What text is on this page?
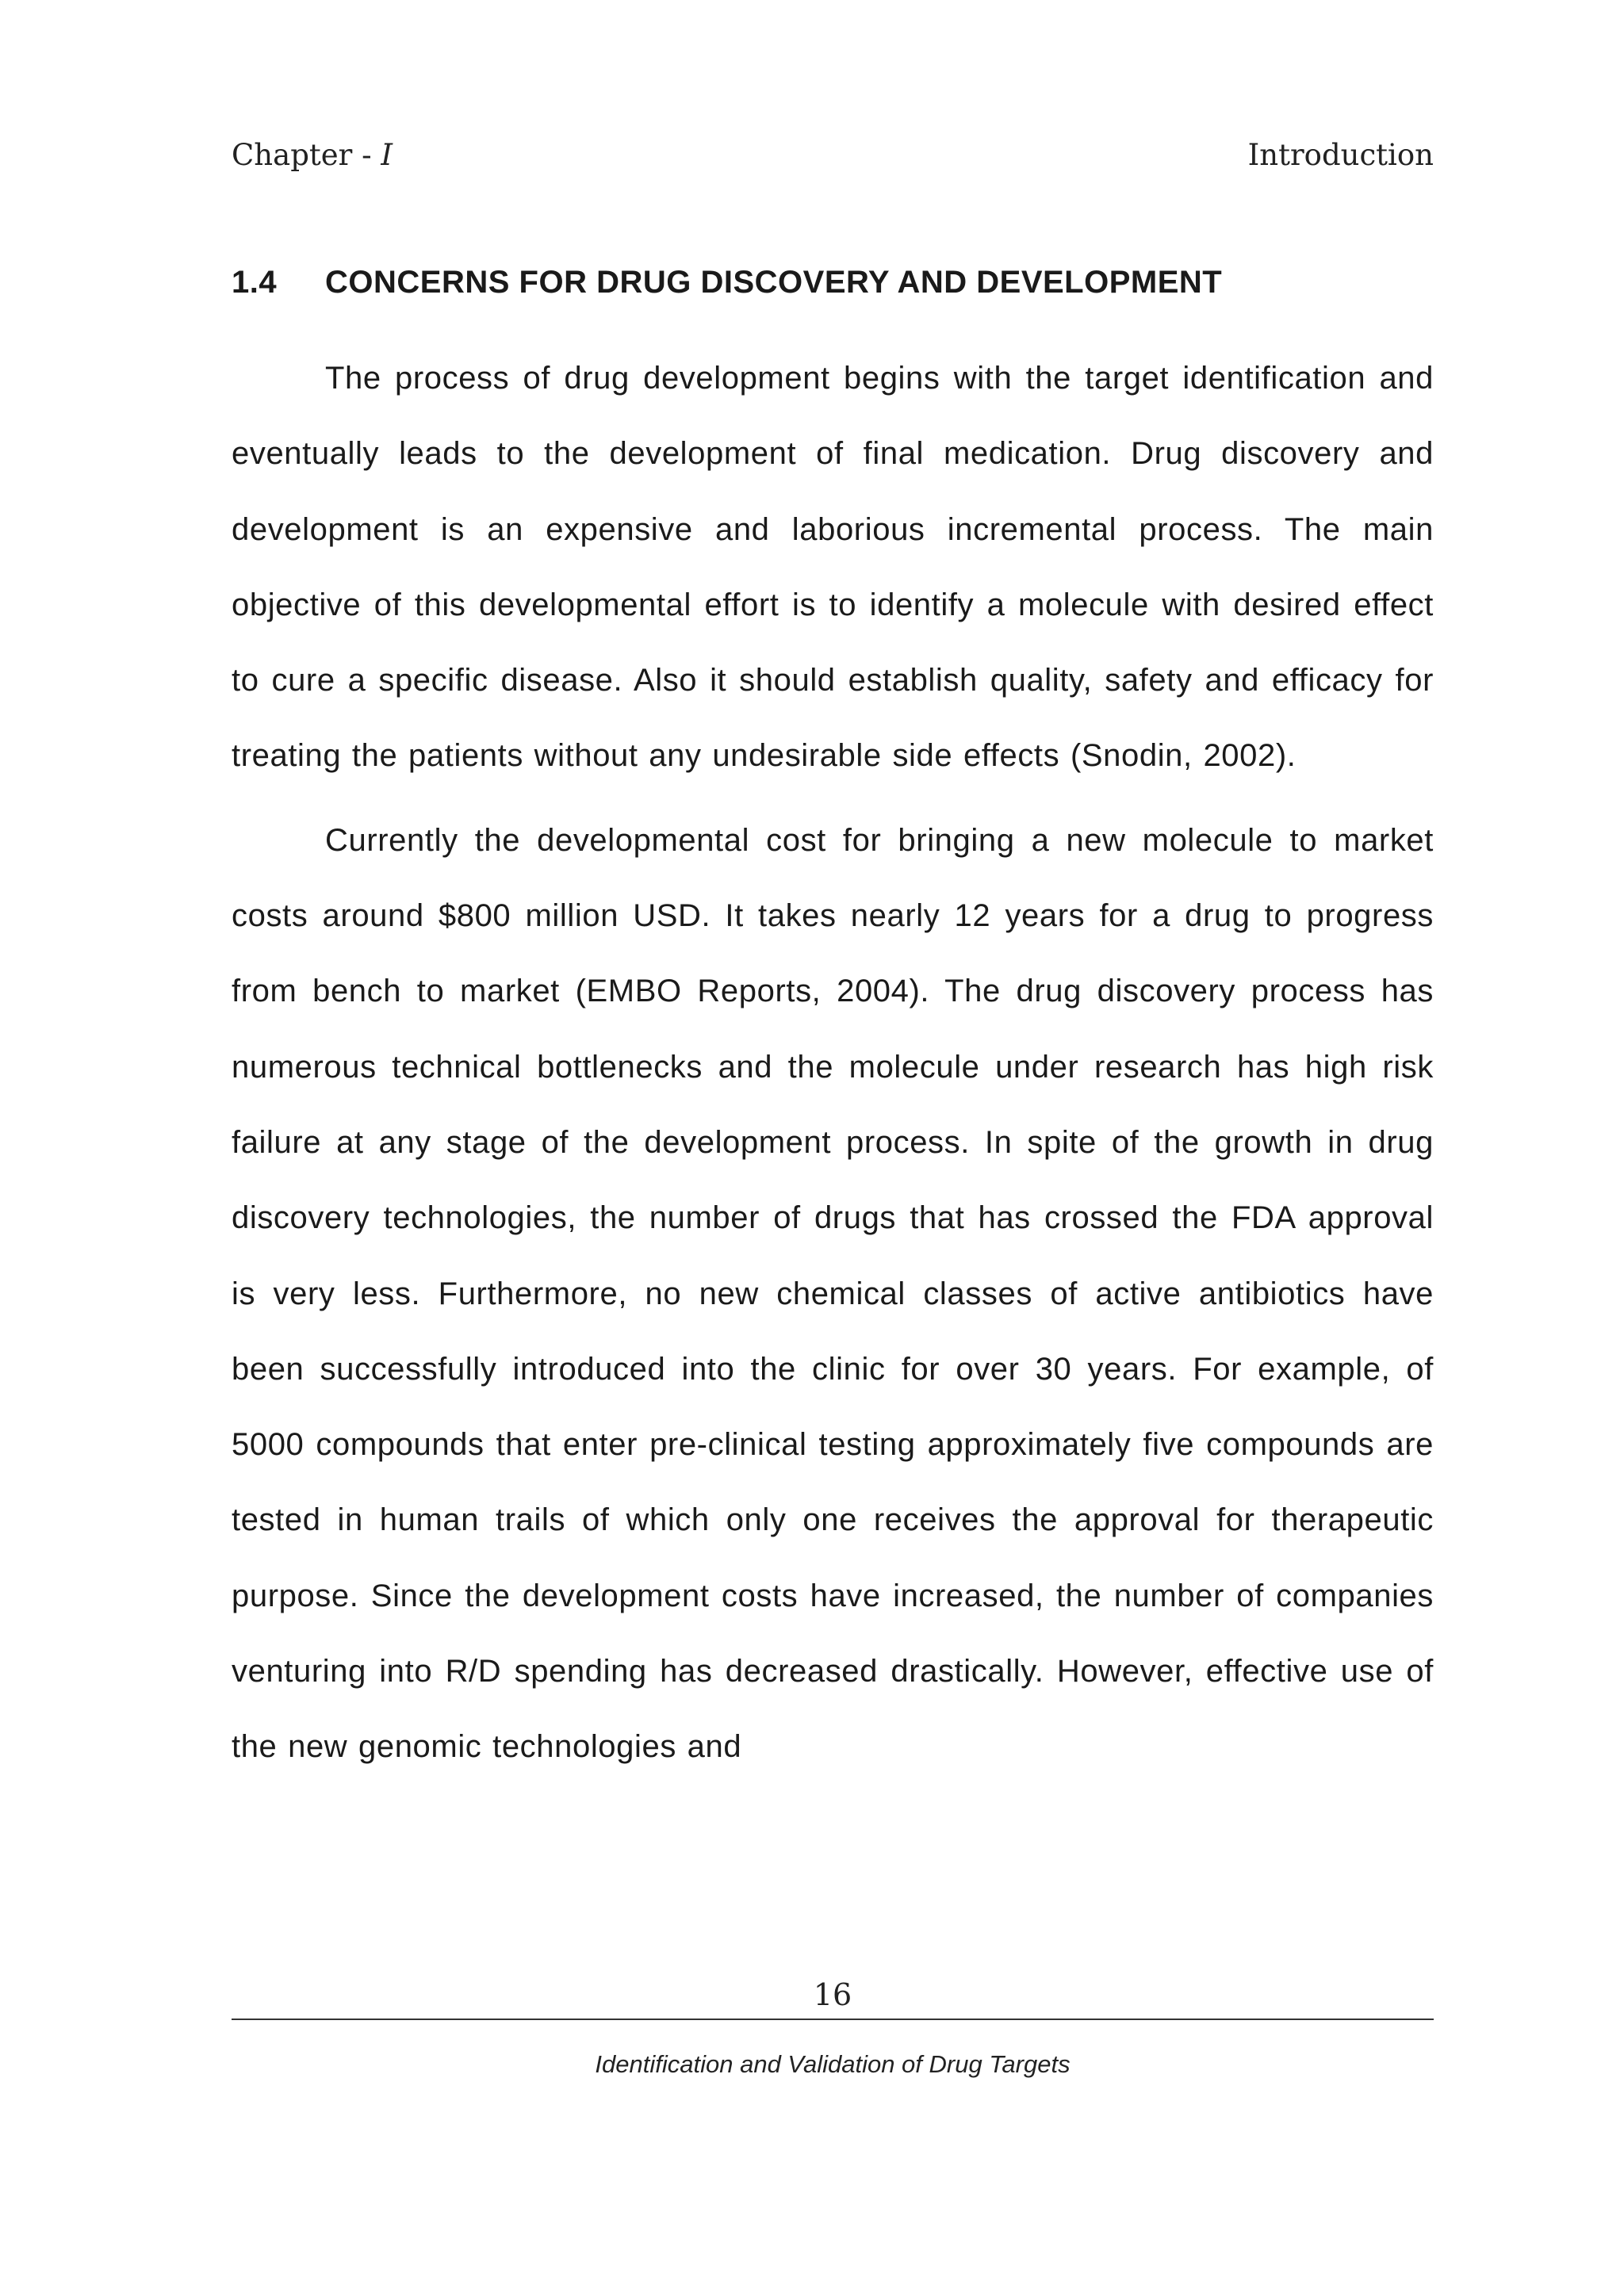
Chapter - I	Introduction
1.4 CONCERNS FOR DRUG DISCOVERY AND DEVELOPMENT

The process of drug development begins with the target identification and eventually leads to the development of final medication. Drug discovery and development is an expensive and laborious incremental process. The main objective of this developmental effort is to identify a molecule with desired effect to cure a specific disease. Also it should establish quality, safety and efficacy for treating the patients without any undesirable side effects (Snodin, 2002).

Currently the developmental cost for bringing a new molecule to market costs around $800 million USD. It takes nearly 12 years for a drug to progress from bench to market (EMBO Reports, 2004). The drug discovery process has numerous technical bottlenecks and the molecule under research has high risk failure at any stage of the development process. In spite of the growth in drug discovery technologies, the number of drugs that has crossed the FDA approval is very less. Furthermore, no new chemical classes of active antibiotics have been successfully introduced into the clinic for over 30 years. For example, of 5000 compounds that enter pre-clinical testing approximately five compounds are tested in human trails of which only one receives the approval for therapeutic purpose. Since the development costs have increased, the number of companies venturing into R/D spending has decreased drastically. However, effective use of the new genomic technologies and

16
Identification and Validation of Drug Targets
